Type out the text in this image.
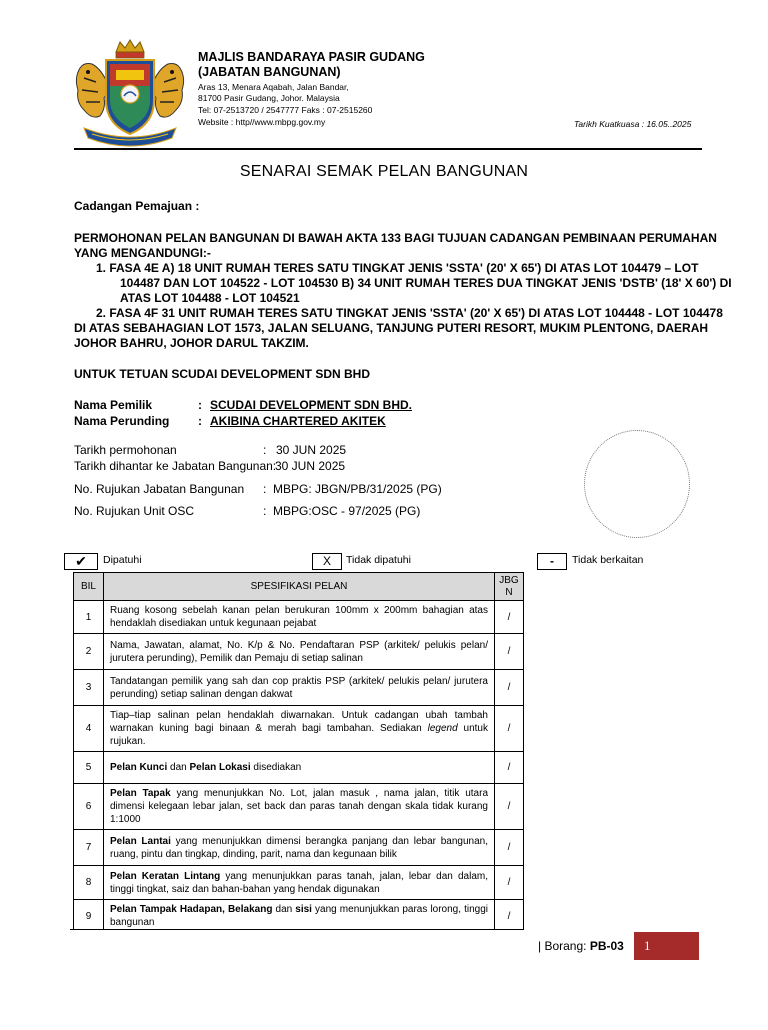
MAJLIS BANDARAYA PASIR GUDANG
(JABATAN BANGUNAN)
Aras 13, Menara Aqabah, Jalan Bandar,
81700 Pasir Gudang, Johor. Malaysia
Tel: 07-2513720 / 2547777 Faks : 07-2515260
Website : http//www.mbpg.gov.my	Tarikh Kuatkuasa : 16.05..2025
SENARAI SEMAK PELAN BANGUNAN
Cadangan Pemajuan :
PERMOHONAN PELAN BANGUNAN DI BAWAH AKTA 133 BAGI TUJUAN CADANGAN PEMBINAAN PERUMAHAN
YANG MENGANDUNGI:-
1. FASA 4E A) 18 UNIT RUMAH TERES SATU TINGKAT JENIS 'SSTA' (20' X 65') DI ATAS LOT 104479 – LOT
104487 DAN LOT 104522 - LOT 104530 B) 34 UNIT RUMAH TERES DUA TINGKAT JENIS 'DSTB' (18' X 60') DI
ATAS LOT 104488 - LOT 104521
2. FASA 4F 31 UNIT RUMAH TERES SATU TINGKAT JENIS 'SSTA' (20' X 65') DI ATAS LOT 104448 - LOT 104478
DI ATAS SEBAHAGIAN LOT 1573, JALAN SELUANG, TANJUNG PUTERI RESORT, MUKIM PLENTONG, DAERAH
JOHOR BAHRU, JOHOR DARUL TAKZIM.
UNTUK TETUAN SCUDAI DEVELOPMENT SDN BHD
Nama Pemilik	: SCUDAI DEVELOPMENT SDN BHD.
Nama Perunding : AKIBINA CHARTERED AKITEK
Tarikh permohonan	: 30 JUN 2025
Tarikh dihantar ke Jabatan Bangunan:
30 JUN 2025
No. Rujukan Jabatan Bangunan : MBPG: JBGN/PB/31/2025 (PG)
No. Rujukan Unit OSC	: MBPG:OSC - 97/2025 (PG)
✔	Dipatuhi	X	Tidak dipatuhi	-	Tidak berkaitan
BIL	SPESIFIKASI PELAN	JBGN

1	Ruang kosong sebelah kanan pelan berukuran 100mm x 200mm bahagian atas hendaklah disediakan untuk kegunaan pejabat	/
2	Nama, Jawatan, alamat, No. K/p & No. Pendaftaran PSP (arkitek/ pelukis pelan/ jurutera perunding), Pemilik dan Pemaju di setiap salinan	/
3	Tandatangan pemilik yang sah dan cop praktis PSP (arkitek/ pelukis pelan/ jurutera perunding) setiap salinan dengan dakwat	/
4	Tiap–tiap salinan pelan hendaklah diwarnakan. Untuk cadangan ubah tambah warnakan kuning bagi binaan & merah bagi tambahan. Sediakan legend untuk rujukan.	/
5	Pelan Kunci dan Pelan Lokasi disediakan	/
6	Pelan Tapak yang menunjukkan No. Lot, jalan masuk , nama jalan, titik utara dimensi kelegaan lebar jalan, set back dan paras tanah dengan skala tidak kurang 1:1000	/
7	Pelan Lantai yang menunjukkan dimensi berangka panjang dan lebar bangunan, ruang, pintu dan tingkap, dinding, parit, nama dan kegunaan bilik	/
8	Pelan Keratan Lintang yang menunjukkan paras tanah, jalan, lebar dan dalam, tinggi tingkat, saiz dan bahan-bahan yang hendak digunakan	/
9	Pelan Tampak Hadapan, Belakang dan sisi yang menunjukkan paras lorong, tinggi bangunan	/
| Borang: PB-03	1
